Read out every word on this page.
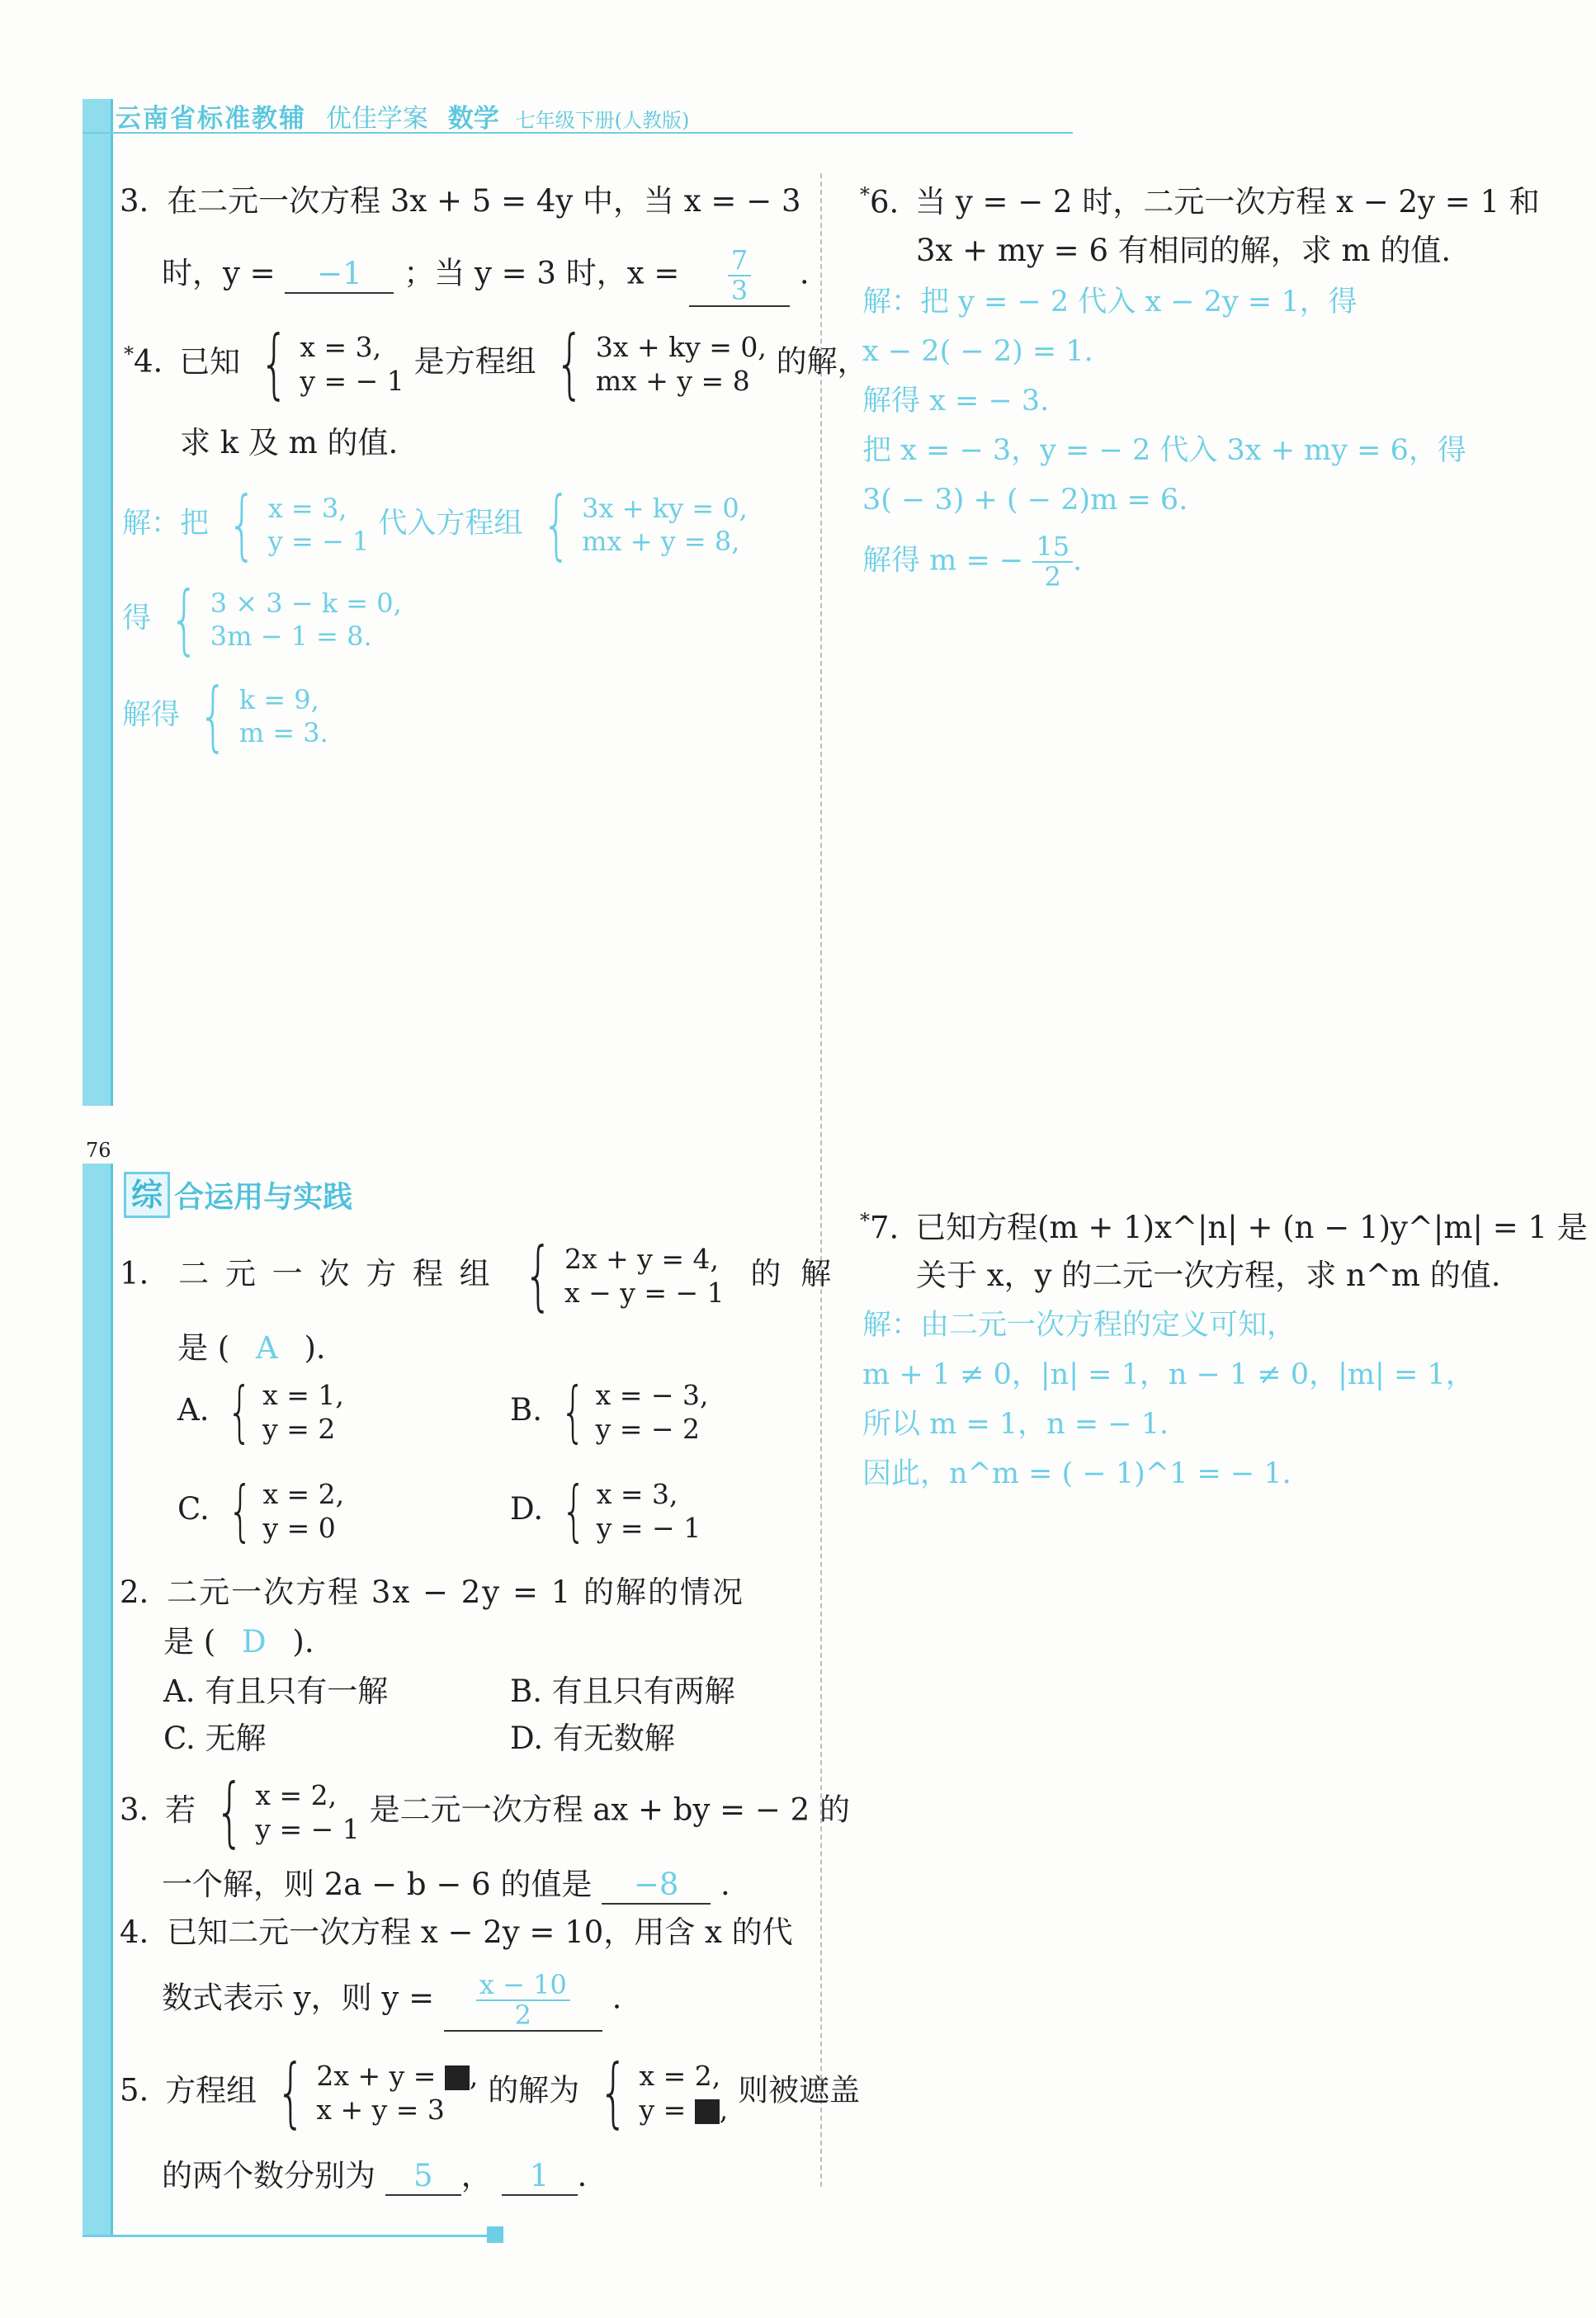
云南省标准教辅 优佳学案 数学 七年级下册(人教版)
76
3. 在二元一次方程 3x + 5 = 4y 中，当 x = − 3
时，y = −1 ；当 y = 3 时，$x = \frac{7}{3}$ .
*4. 已知 { x = 3,
y = − 1
是方程组 { 3x + ky = 0,
mx + y = 8
的解，
求 k 及 m 的值.
解：把 { x = 3,
y = − 1
代入方程组 { 3x + ky = 0,
mx + y = 8,
得 { 3 × 3 − k = 0,
3m − 1 = 8.
解得 { k = 9,
m = 3.
*6. 当 y = − 2 时，二元一次方程 x − 2y = 1 和
3x + my = 6 有相同的解，求 m 的值.
解：把 y = − 2 代入 x − 2y = 1，得
x − 2( − 2) = 1.
解得 x = − 3.
把 x = − 3，y = − 2 代入 3x + my = 6，得
3( − 3) + ( − 2)m = 6.
解得 m = − $\frac{15}{2}$ .
综 合运用与实践
1. 二 元 一 次 方 程 组 { 2x + y = 4,
x − y = − 1
的 解
是 ( A ).
A. { x = 1,
y = 2
B. { x = − 3,
y = − 2
C. { x = 2,
y = 0
D. { x = 3,
y = − 1
2. 二元一次方程 3x − 2y = 1 的解的情况
是 ( D ).
A. 有且只有一解	B. 有且只有两解
C. 无解	D. 有无数解
3. 若 { x = 2,
y = − 1
是二元一次方程 ax + by = − 2 的
一个解，则 2a − b − 6 的值是 −8 .
4. 已知二元一次方程 x − 2y = 10，用含 x 的代
数式表示 y，则 $y = \frac{x - 10}{2}$ .
5. 方程组 { 2x + y = ,
x + y = 3
的解为 { x = 2,
y = ,
则被遮盖
的两个数分别为 5 ， 1 .
*7. 已知方程(m + 1)x^|n| + (n − 1)y^|m| = 1 是
关于 x，y 的二元一次方程，求 n^m 的值.
解：由二元一次方程的定义可知，
m + 1 ≠ 0，|n| = 1，n − 1 ≠ 0，|m| = 1，
所以 m = 1，n = − 1.
因此，n^m = ( − 1)^1 = − 1.
